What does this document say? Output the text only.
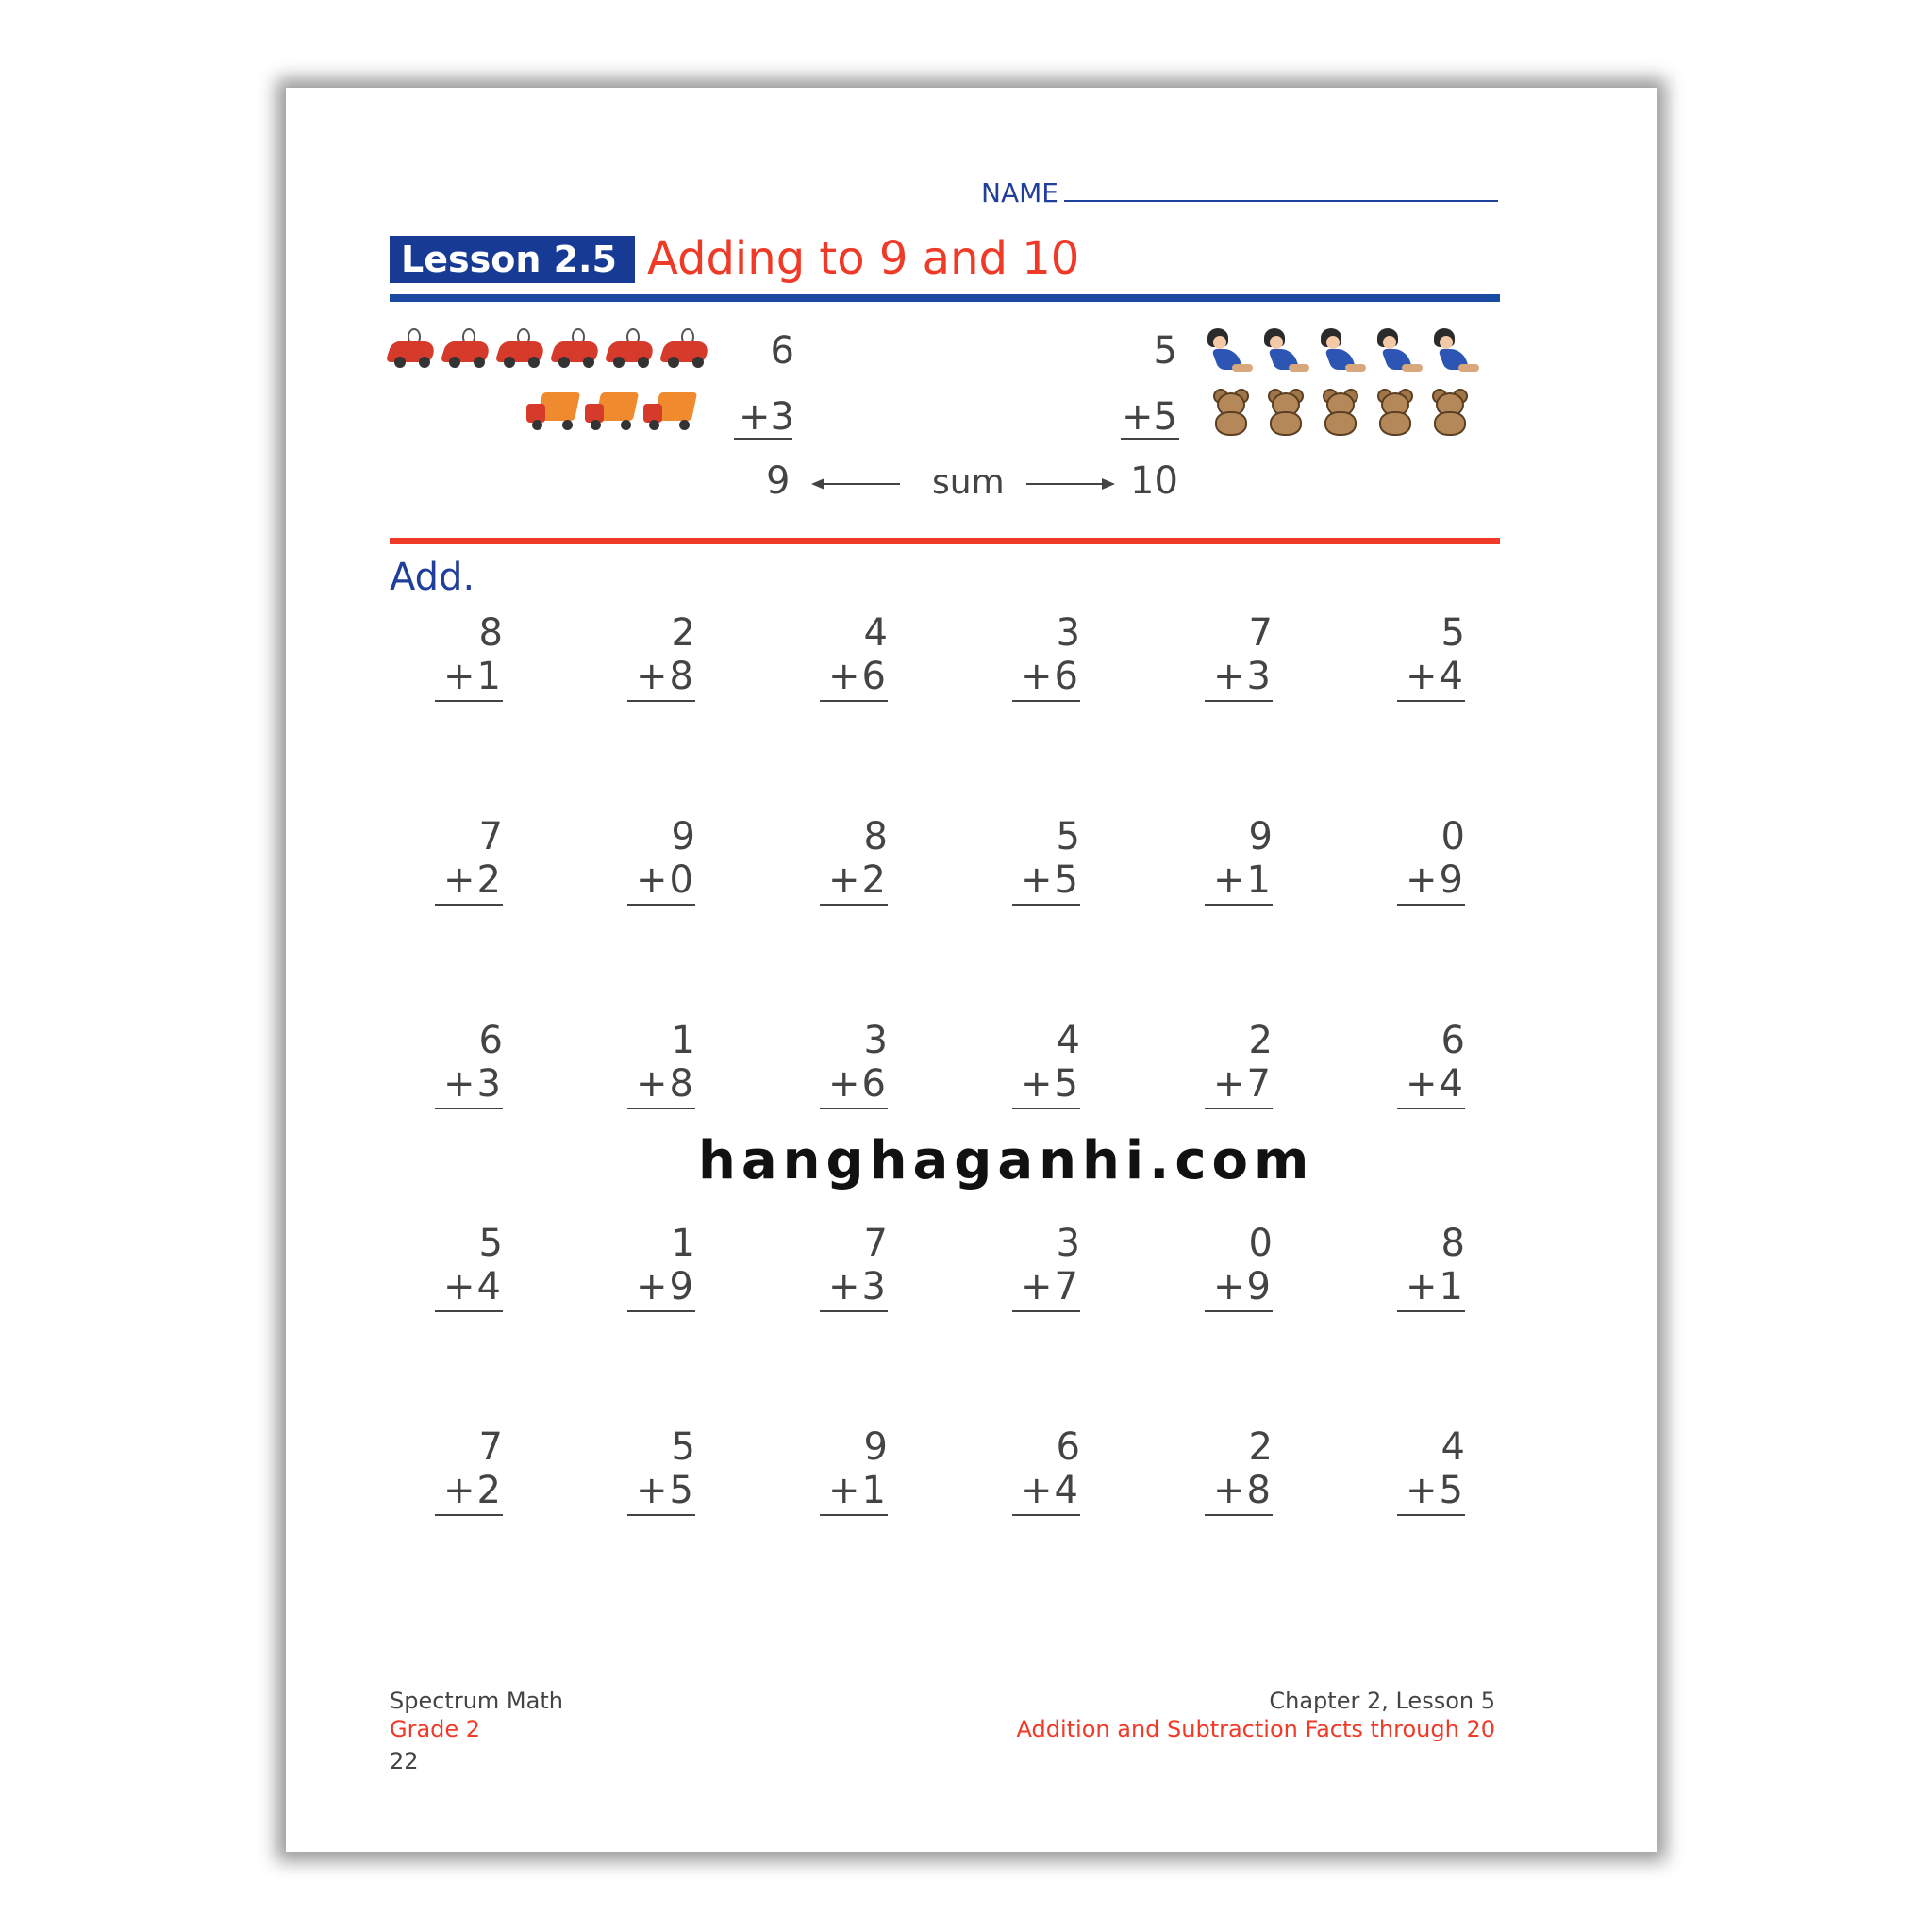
NAME
Lesson 2.5 Adding to 9 and 10
6
+3
5
+5
9	sum	10
Add.
8
+1
2
+8
4
+6
3
+6
7
+3
5
+4
7
+2
9
+0
8
+2
5
+5
9
+1
0
+9
6
+3
1
+8
3
+6
4
+5
2
+7
6
+4
5
+4
1
+9
7
+3
3
+7
0
+9
8
+1
7
+2
5
+5
9
+1
6
+4
2
+8
4
+5
hanghaganhi.com
Spectrum Math
Grade 2
22
Chapter 2, Lesson 5
Addition and Subtraction Facts through 20
